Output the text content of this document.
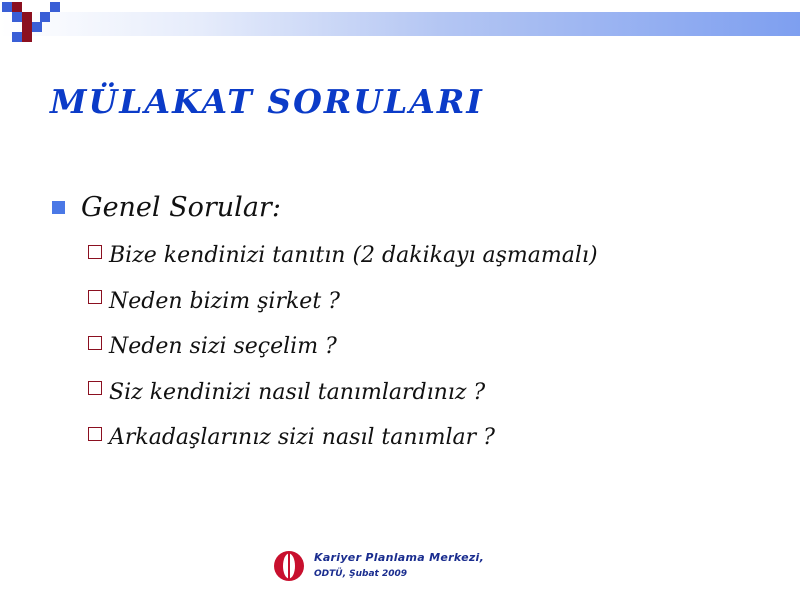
MÜLAKAT SORULARI
Genel Sorular:
Bize kendinizi tanıtın (2 dakikayı aşmamalı)
Neden bizim şirket ?
Neden sizi seçelim ?
Siz kendinizi nasıl tanımlardınız ?
Arkadaşlarınız sizi nasıl tanımlar ?
Kariyer Planlama Merkezi,
ODTÜ, Şubat 2009
